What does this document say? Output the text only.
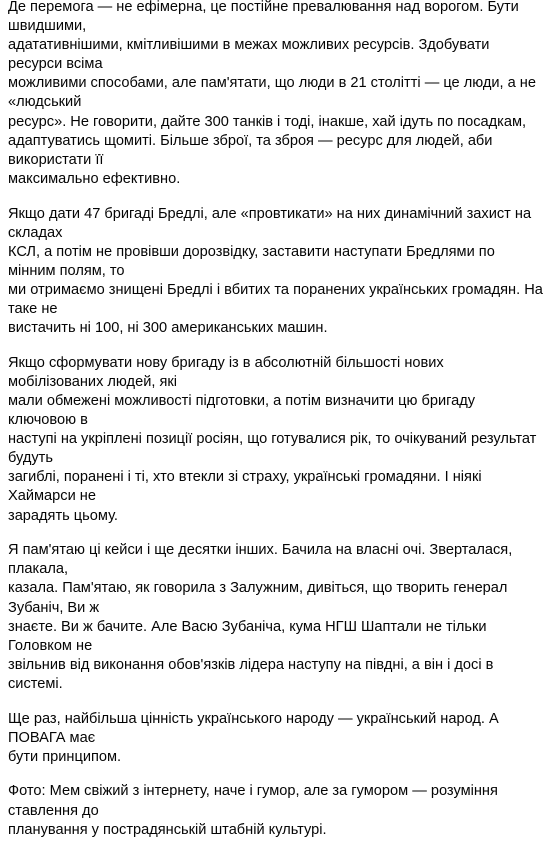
Де перемога — не ефімерна, це постійне превалювання над ворогом. Бути швидшими,
адатативнішими, кмітливішими в межах можливих ресурсів. Здобувати ресурси всіма
можливими способами, але пам'ятати, що люди в 21 столітті — це люди, а не «людський
ресурс». Не говорити, дайте 300 танків і тоді, інакше, хай ідуть по посадкам,
адаптуватись щомиті. Більше зброї, та зброя — ресурс для людей, аби використати її
максимально ефективно.

Якщо дати 47 бригаді Бредлі, але «провтикати» на них динамічний захист на складах
КСЛ, а потім не провівши дорозвідку, заставити наступати Бредлями по мінним полям, то
ми отримаємо знищені Бредлі і вбитих та поранених українських громадян. На таке не
вистачить ні 100, ні 300 американських машин.

Якщо сформувати нову бригаду із в абсолютній більшості нових мобілізованих людей, які
мали обмежені можливості підготовки, а потім визначити цю бригаду ключовою в
наступі на укріплені позиції росіян, що готувалися рік, то очікуваний результат будуть
загиблі, поранені і ті, хто втекли зі страху, українські громадяни. І ніякі Хаймарси не
зарадять цьому.

Я пам'ятаю ці кейси і ще десятки інших. Бачила на власні очі. Зверталася, плакала,
казала. Пам'ятаю, як говорила з Залужним, дивіться, що творить генерал Зубаніч, Ви ж
знаєте. Ви ж бачите. Але Васю Зубаніча, кума НГШ Шаптали не тільки Головком не
звільнив від виконання обов'язків лідера наступу на півдні, а він і досі в системі.

Ще раз, найбільша цінність українського народу — український народ. А ПОВАГА має
бути принципом.

Фото: Мем свіжий з інтернету, наче і гумор, але за гумором — розуміння ставлення до
планування у пострадянській штабній культурі.
